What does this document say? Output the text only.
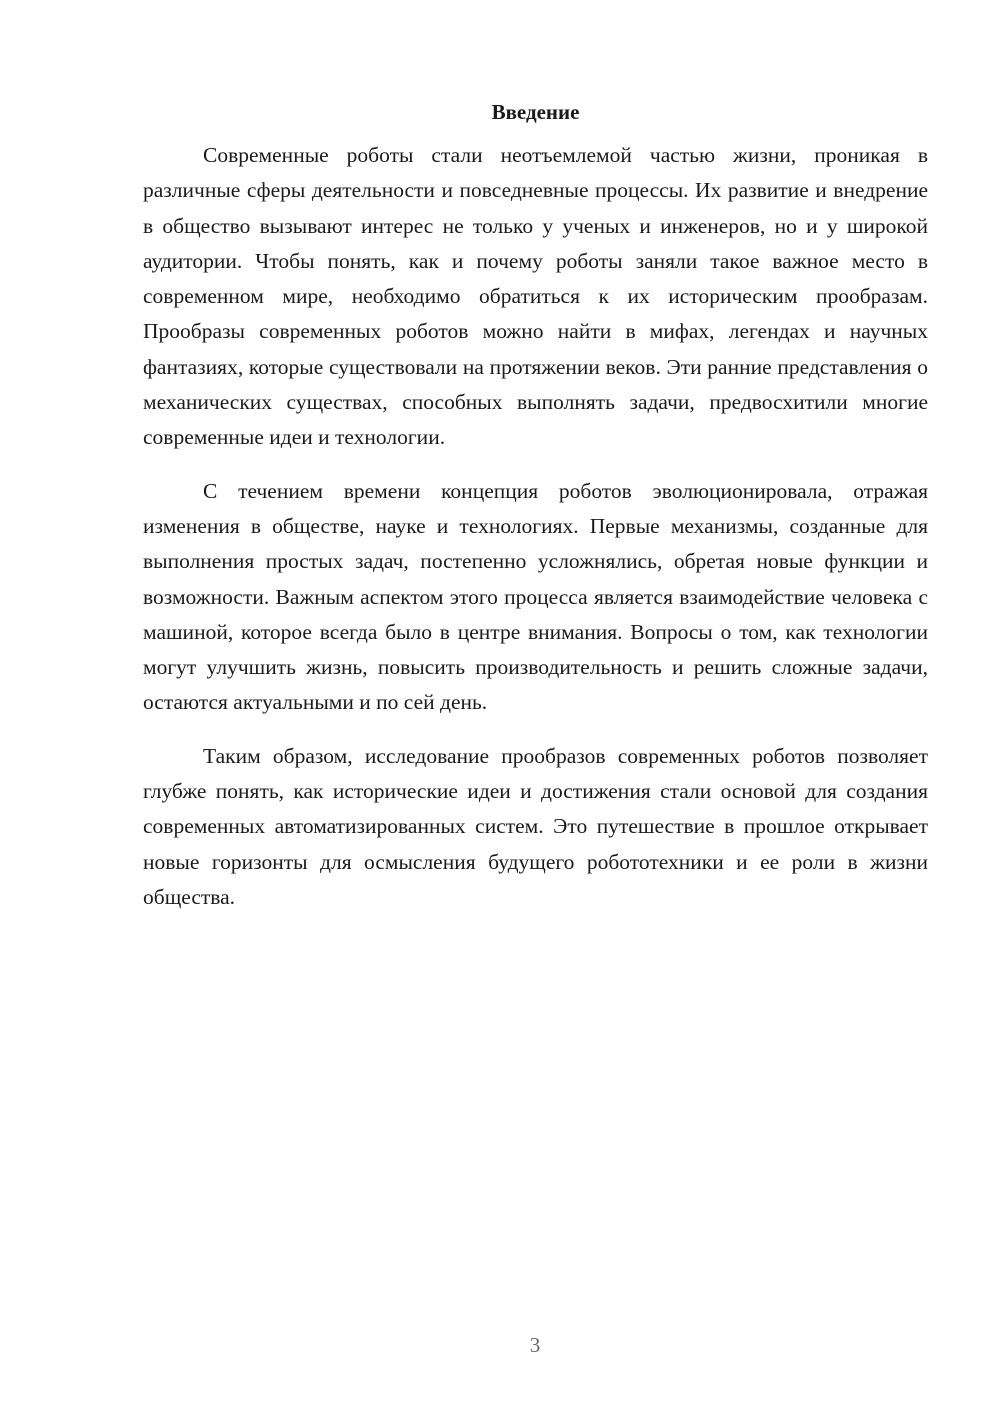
Введение

Современные роботы стали неотъемлемой частью жизни, проникая в различные сферы деятельности и повседневные процессы. Их развитие и внедрение в общество вызывают интерес не только у ученых и инженеров, но и у широкой аудитории. Чтобы понять, как и почему роботы заняли такое важное место в современном мире, необходимо обратиться к их историческим прообразам. Прообразы современных роботов можно найти в мифах, легендах и научных фантазиях, которые существовали на протяжении веков. Эти ранние представления о механических существах, способных выполнять задачи, предвосхитили многие современные идеи и технологии.

С течением времени концепция роботов эволюционировала, отражая изменения в обществе, науке и технологиях. Первые механизмы, созданные для выполнения простых задач, постепенно усложнялись, обретая новые функции и возможности. Важным аспектом этого процесса является взаимодействие человека с машиной, которое всегда было в центре внимания. Вопросы о том, как технологии могут улучшить жизнь, повысить производительность и решить сложные задачи, остаются актуальными и по сей день.

Таким образом, исследование прообразов современных роботов позволяет глубже понять, как исторические идеи и достижения стали основой для создания современных автоматизированных систем. Это путешествие в прошлое открывает новые горизонты для осмысления будущего робототехники и ее роли в жизни общества.

3
